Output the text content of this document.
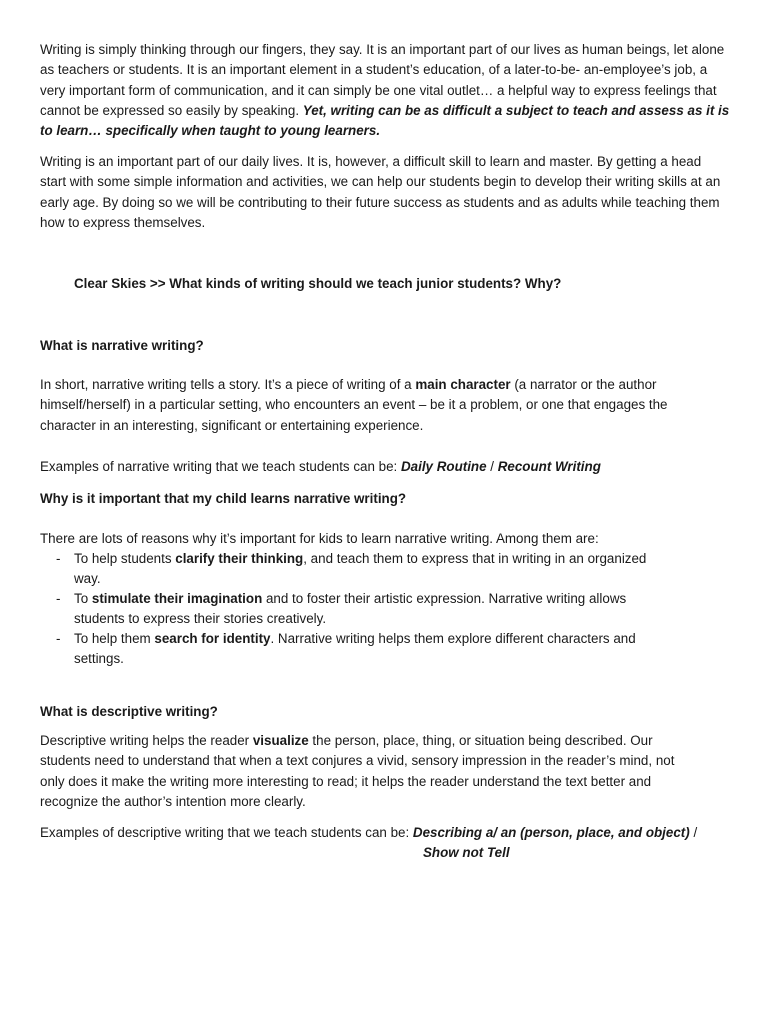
Writing is simply thinking through our fingers, they say. It is an important part of our lives as human beings, let alone as teachers or students. It is an important element in a student’s education, of a later-to-be- an-employee’s job, a very important form of communication, and it can simply be one vital outlet… a helpful way to express feelings that cannot be expressed so easily by speaking. Yet, writing can be as difficult a subject to teach and assess as it is to learn… specifically when taught to young learners.

Writing is an important part of our daily lives. It is, however, a difficult skill to learn and master. By getting a head start with some simple information and activities, we can help our students begin to develop their writing skills at an early age. By doing so we will be contributing to their future success as students and as adults while teaching them how to express themselves.

Clear Skies >> What kinds of writing should we teach junior students? Why?

What is narrative writing?

In short, narrative writing tells a story. It’s a piece of writing of a main character (a narrator or the author himself/herself) in a particular setting, who encounters an event – be it a problem, or one that engages the character in an interesting, significant or entertaining experience.

Examples of narrative writing that we teach students can be: Daily Routine / Recount Writing

Why is it important that my child learns narrative writing?

There are lots of reasons why it’s important for kids to learn narrative writing. Among them are:

- To help students clarify their thinking, and teach them to express that in writing in an organized way.

- To stimulate their imagination and to foster their artistic expression. Narrative writing allows students to express their stories creatively.

- To help them search for identity. Narrative writing helps them explore different characters and settings.

What is descriptive writing?

Descriptive writing helps the reader visualize the person, place, thing, or situation being described. Our students need to understand that when a text conjures a vivid, sensory impression in the reader’s mind, not only does it make the writing more interesting to read; it helps the reader understand the text better and recognize the author’s intention more clearly.

Examples of descriptive writing that we teach students can be: Describing a/ an (person, place, and object) /

Show not Tell
